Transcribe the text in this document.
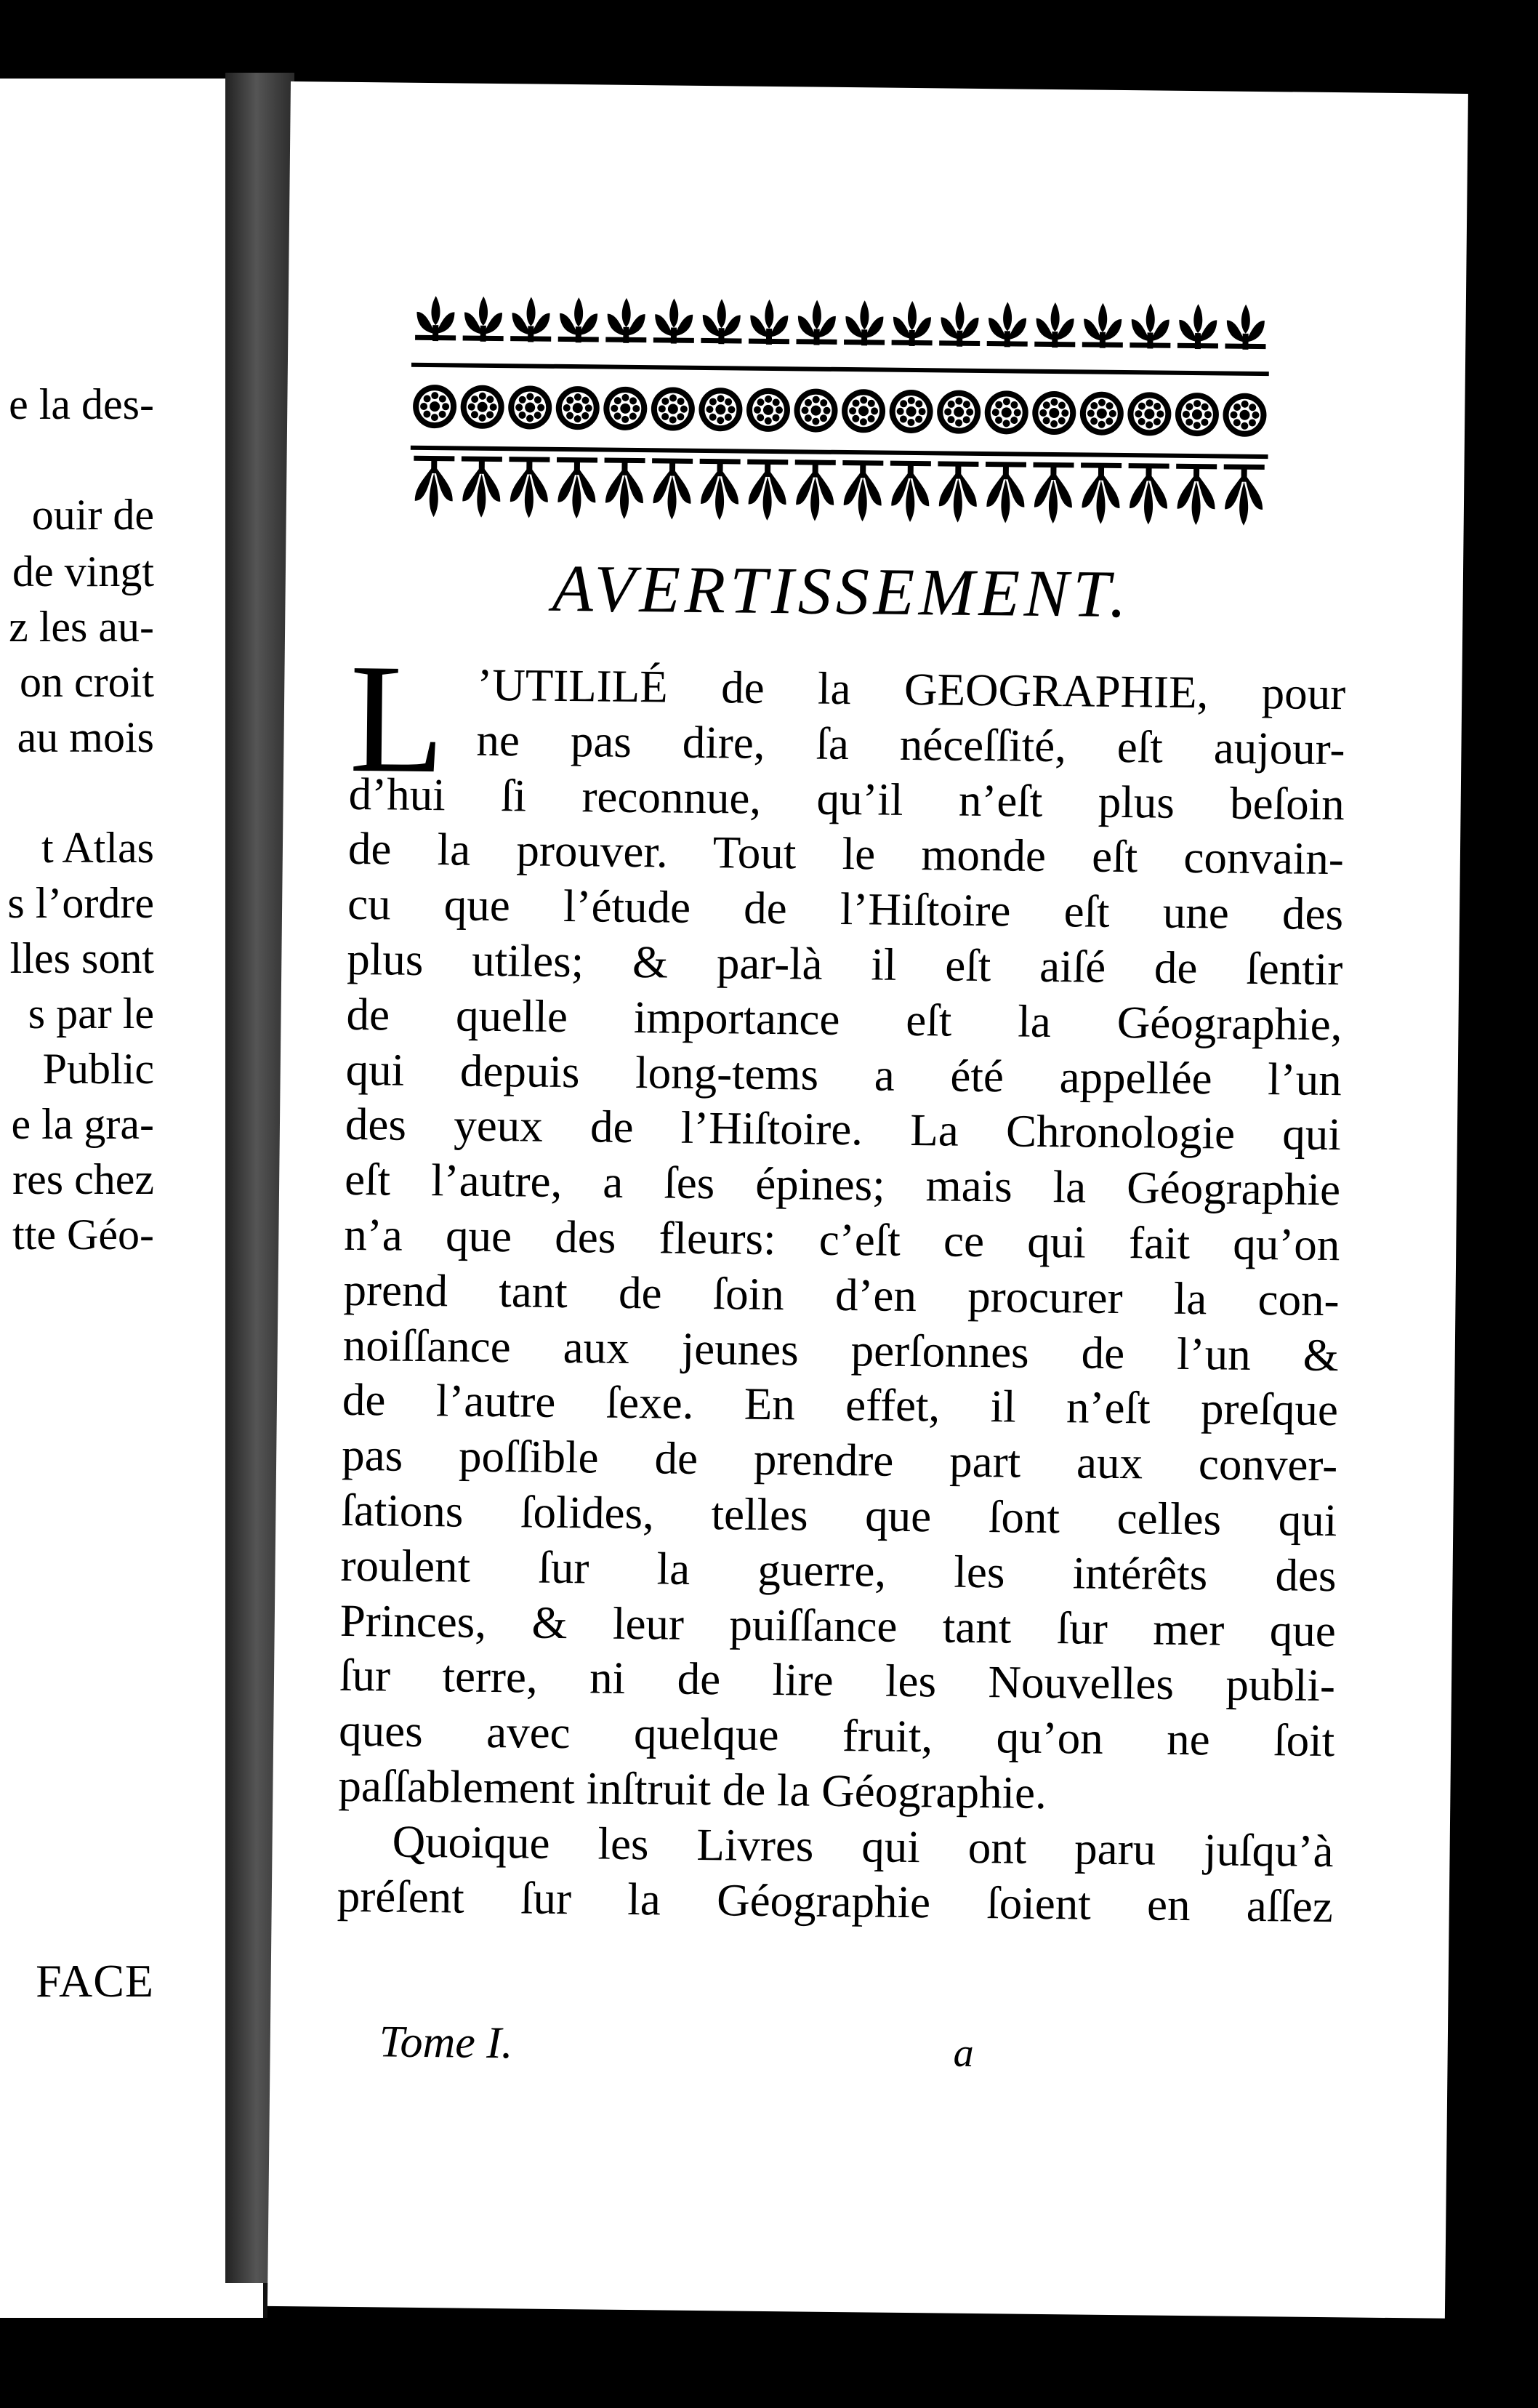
e la des-
ouir de
de vingt
z les au-
on croit
au mois
t Atlas
s l’ordre
lles sont
s par le
Public
e la gra-
res chez
tte Géo-
FACE
AVERTISSEMENT.
L ’UTILILÉ de la GEOGRAPHIE, pour
ne pas dire, ſa néceſſité, eſt aujour-
d’hui ſi reconnue, qu’il n’eſt plus beſoin
de la prouver. Tout le monde eſt convain-
cu que l’étude de l’Hiſtoire eſt une des
plus utiles; & par-là il eſt aiſé de ſentir
de quelle importance eſt la Géographie,
qui depuis long-tems a été appellée l’un
des yeux de l’Hiſtoire. La Chronologie qui
eſt l’autre, a ſes épines; mais la Géographie
n’a que des fleurs: c’eſt ce qui fait qu’on
prend tant de ſoin d’en procurer la con-
noiſſance aux jeunes perſonnes de l’un &
de l’autre ſexe. En effet, il n’eſt preſque
pas poſſible de prendre part aux conver-
ſations ſolides, telles que ſont celles qui
roulent ſur la guerre, les intérêts des
Princes, & leur puiſſance tant ſur mer que
ſur terre, ni de lire les Nouvelles publi-
ques avec quelque fruit, qu’on ne ſoit
paſſablement inſtruit de la Géographie.
Quoique les Livres qui ont paru juſqu’à
préſent ſur la Géographie ſoient en aſſez
Tome I.	a
